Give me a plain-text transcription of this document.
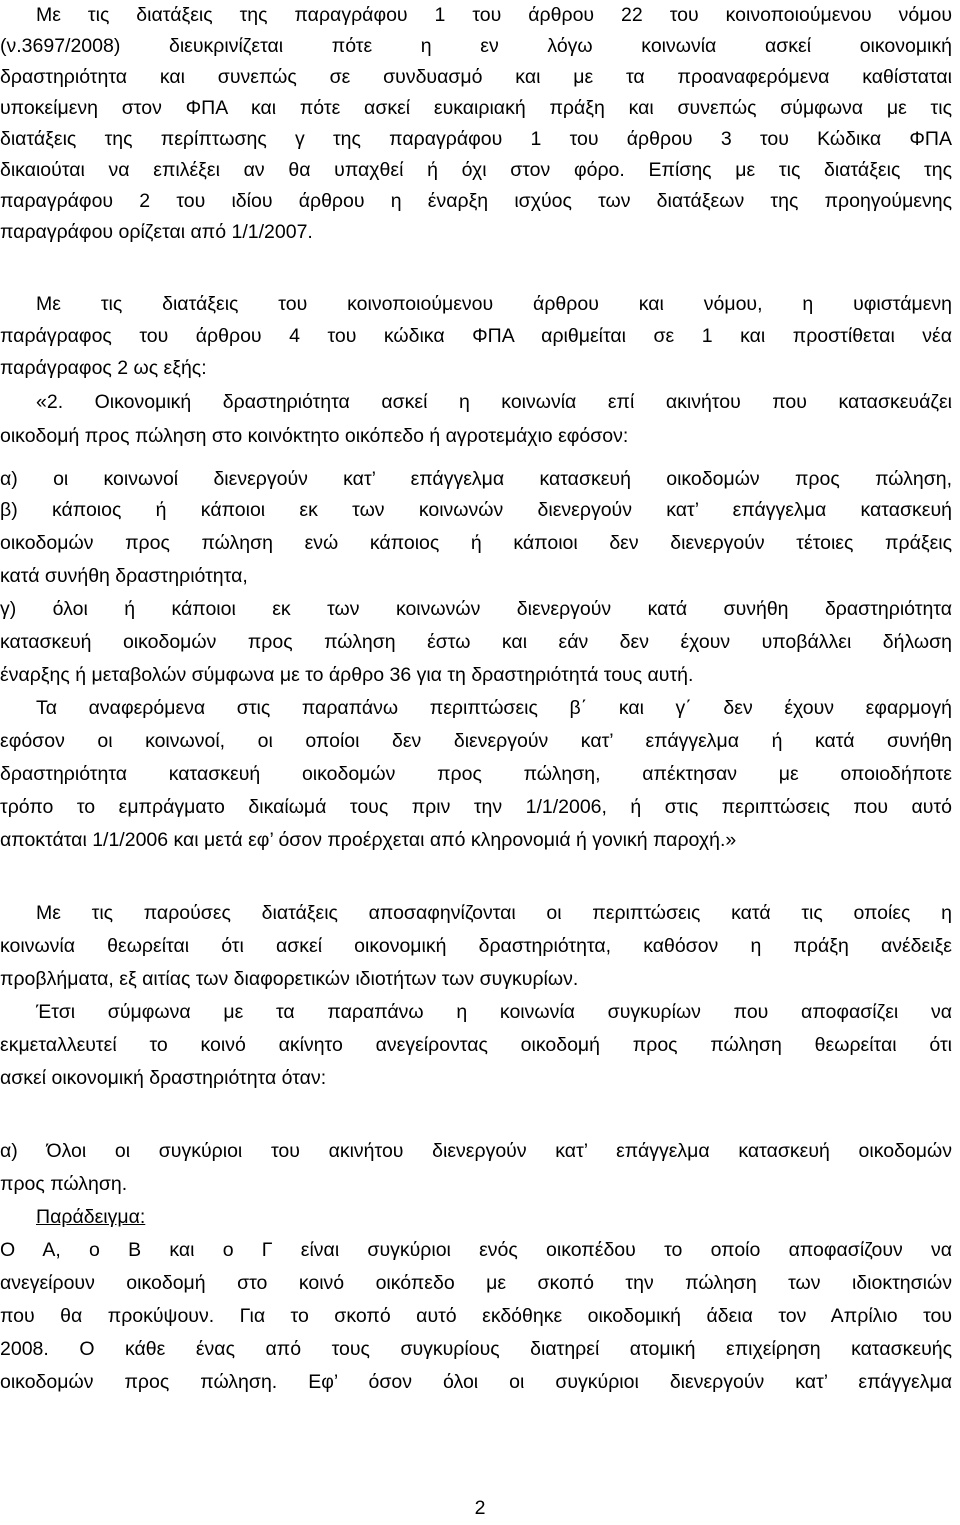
Με τις διατάξεις της παραγράφου 1 του άρθρου 22 του κοινοποιούμενου νόμου
(ν.3697/2008) διευκρινίζεται πότε η εν λόγω κοινωνία ασκεί οικονομική
δραστηριότητα και συνεπώς σε συνδυασμό και με τα προαναφερόμενα καθίσταται
υποκείμενη στον ΦΠΑ και πότε ασκεί ευκαιριακή πράξη και συνεπώς σύμφωνα με τις
διατάξεις της περίπτωσης γ της παραγράφου 1 του άρθρου 3 του Κώδικα ΦΠΑ
δικαιούται να επιλέξει αν θα υπαχθεί ή όχι στον φόρο. Επίσης με τις διατάξεις της
παραγράφου 2 του ιδίου άρθρου η έναρξη ισχύος των διατάξεων της προηγούμενης
παραγράφου ορίζεται από 1/1/2007.
Με τις διατάξεις του κοινοποιούμενου άρθρου και νόμου, η υφιστάμενη
παράγραφος του άρθρου 4 του κώδικα ΦΠΑ αριθμείται σε 1 και προστίθεται νέα
παράγραφος 2 ως εξής:
«2. Οικονομική δραστηριότητα ασκεί η κοινωνία επί ακινήτου που κατασκευάζει
οικοδομή προς πώληση στο κοινόκτητο οικόπεδο ή αγροτεμάχιο εφόσον:
α) οι κοινωνοί διενεργούν κατ’ επάγγελμα κατασκευή οικοδομών προς πώληση,
β) κάποιος ή κάποιοι εκ των κοινωνών διενεργούν κατ’ επάγγελμα κατασκευή
οικοδομών προς πώληση ενώ κάποιος ή κάποιοι δεν διενεργούν τέτοιες πράξεις
κατά συνήθη δραστηριότητα,
γ) όλοι ή κάποιοι εκ των κοινωνών διενεργούν κατά συνήθη δραστηριότητα
κατασκευή οικοδομών προς πώληση έστω και εάν δεν έχουν υποβάλλει δήλωση
έναρξης ή μεταβολών σύμφωνα με το άρθρο 36 για τη δραστηριότητά τους αυτή.
Τα αναφερόμενα στις παραπάνω περιπτώσεις β΄ και γ΄ δεν έχουν εφαρμογή
εφόσον οι κοινωνοί, οι οποίοι δεν διενεργούν κατ’ επάγγελμα ή κατά συνήθη
δραστηριότητα κατασκευή οικοδομών προς πώληση, απέκτησαν με οποιοδήποτε
τρόπο το εμπράγματο δικαίωμά τους πριν την 1/1/2006, ή στις περιπτώσεις που αυτό
αποκτάται 1/1/2006 και μετά εφ’ όσον προέρχεται από κληρονομιά ή γονική παροχή.»
Με τις παρούσες διατάξεις αποσαφηνίζονται οι περιπτώσεις κατά τις οποίες η
κοινωνία θεωρείται ότι ασκεί οικονομική δραστηριότητα, καθόσον η πράξη ανέδειξε
προβλήματα, εξ αιτίας των διαφορετικών ιδιοτήτων των συγκυρίων.
Έτσι σύμφωνα με τα παραπάνω η κοινωνία συγκυρίων που αποφασίζει να
εκμεταλλευτεί το κοινό ακίνητο ανεγείροντας οικοδομή προς πώληση θεωρείται ότι
ασκεί οικονομική δραστηριότητα όταν:
α) Όλοι οι συγκύριοι του ακινήτου διενεργούν κατ’ επάγγελμα κατασκευή οικοδομών
προς πώληση.
Παράδειγμα:
Ο Α, ο Β και ο Γ είναι συγκύριοι ενός οικοπέδου το οποίο αποφασίζουν να
ανεγείρουν οικοδομή στο κοινό οικόπεδο με σκοπό την πώληση των ιδιοκτησιών
που θα προκύψουν. Για το σκοπό αυτό εκδόθηκε οικοδομική άδεια τον Απρίλιο του
2008. Ο κάθε ένας από τους συγκυρίους διατηρεί ατομική επιχείρηση κατασκευής
οικοδομών προς πώληση. Εφ’ όσον όλοι οι συγκύριοι διενεργούν κατ’ επάγγελμα
2
